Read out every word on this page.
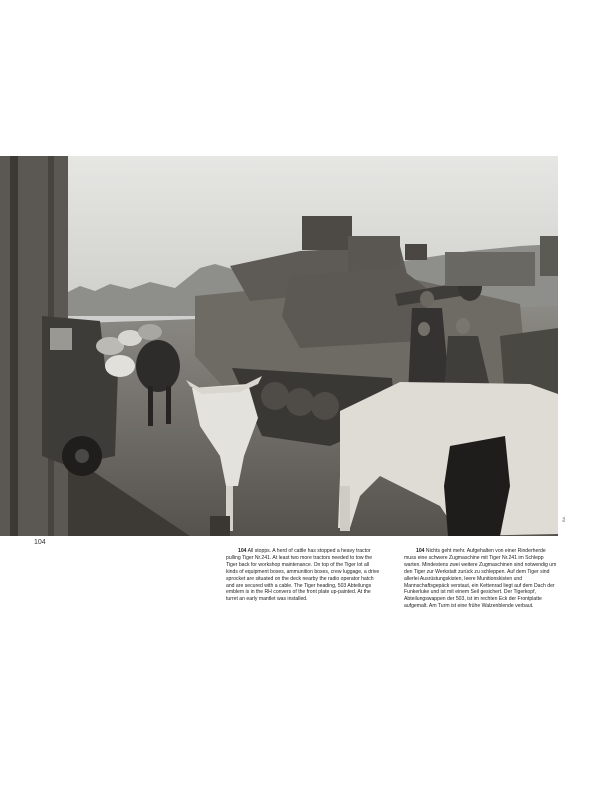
104
BA
104 All stopps. A herd of cattle has stopped a heavy tractor pulling Tiger Nr.241. At least two more tractors needed to tow the Tiger back for workshop maintenance. On top of the Tiger lot all kinds of equipment boxes, ammunition boxes, crew luggage, a drive sprocket are situated on the deck nearby the radio operator hatch and are secured with a cable. The Tiger heading, 503 Abteilungs emblem is in the RH convers of the front plate up-painted. At the turret an early mantlet was installed.
104 Nichts geht mehr. Aufgehalten von einer Rinderherde muss eine schwere Zugmaschine mit Tiger Nr.241 im Schlepp warten. Mindestens zwei weitere Zugmaschinen sind notwendig um den Tiger zur Werkstatt zurück zu schleppen. Auf dem Tiger sind allerlei Ausrüstungskisten, leere Munitionskisten und Mannschaftsgepäck verstaut, ein Kettenrad liegt auf dem Dach der Funkerluke und ist mit einem Seil gesichert. Der Tigerkopf, Abteilungswappen der 503, ist im rechten Eck der Frontplatte aufgemalt. Am Turm ist eine frühe Walzenblende verbaut.
